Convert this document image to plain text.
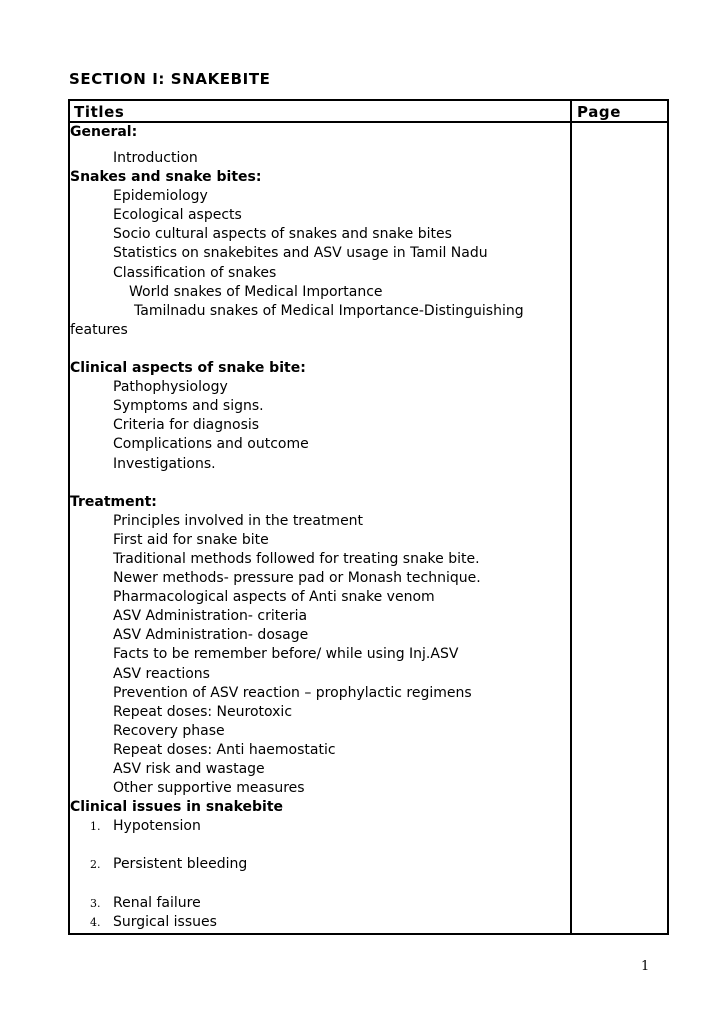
SECTION I: SNAKEBITE
Titles	Page
General:
Introduction
Snakes and snake bites:
Epidemiology
Ecological aspects
Socio cultural aspects of snakes and snake bites
Statistics on snakebites and ASV usage in Tamil Nadu
Classification of snakes
World snakes of Medical Importance
Tamilnadu snakes of Medical Importance-Distinguishing
features
Clinical aspects of snake bite:
Pathophysiology
Symptoms and signs.
Criteria for diagnosis
Complications and outcome
Investigations.
Treatment:
Principles involved in the treatment
First aid for snake bite
Traditional methods followed for treating snake bite.
Newer methods- pressure pad or Monash technique.
Pharmacological aspects of Anti snake venom
ASV Administration- criteria
ASV Administration- dosage
Facts to be remember before/ while using Inj.ASV
ASV reactions
Prevention of ASV reaction – prophylactic regimens
Repeat doses: Neurotoxic
Recovery phase
Repeat doses: Anti haemostatic
ASV risk and wastage
Other supportive measures
Clinical issues in snakebite
1. Hypotension
2. Persistent bleeding
3. Renal failure
4. Surgical issues
1
